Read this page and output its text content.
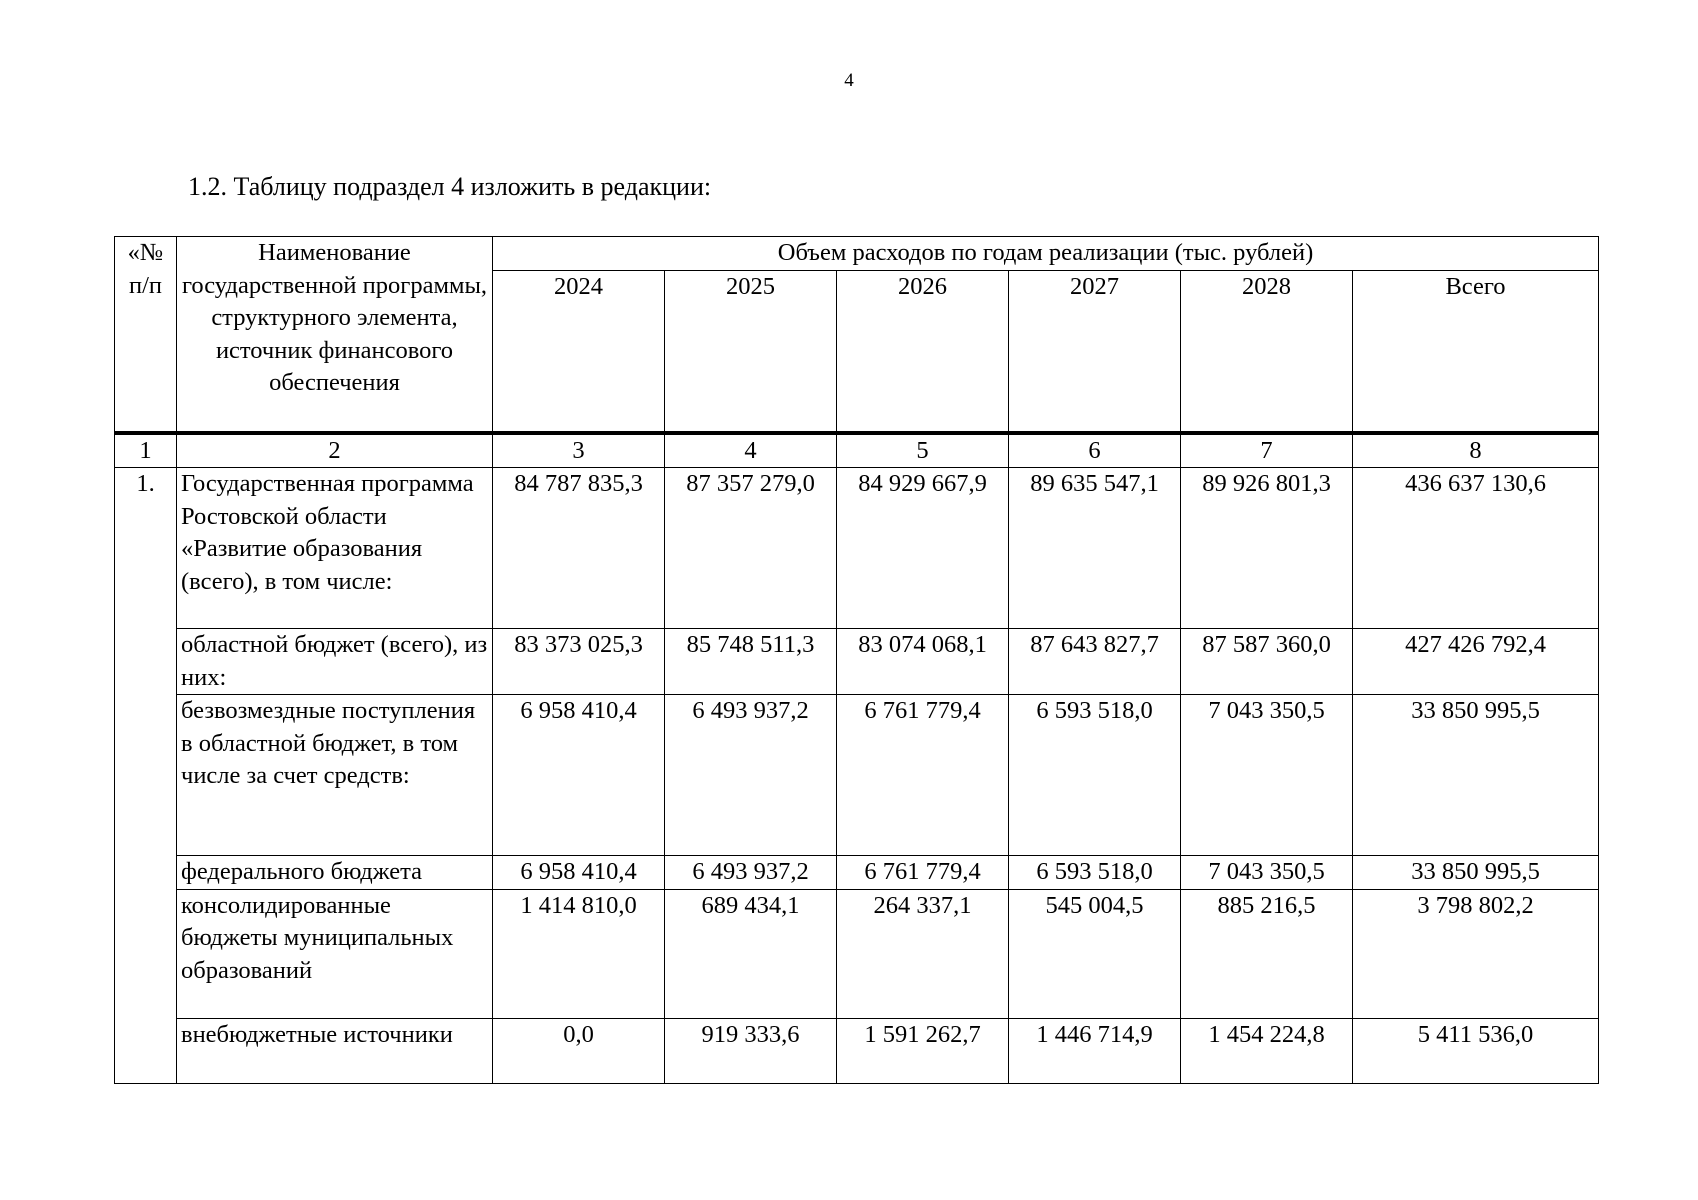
4
1.2. Таблицу подраздел 4 изложить в редакции:
«№ п/п	Наименование государственной программы, структурного элемента, источник финансового обеспечения	Объем расходов по годам реализации (тыс. рублей)					
		2024	2025	2026	2027	2028	Всего
1	2	3	4	5	6	7	8
1.	Государственная программа Ростовской области «Развитие образования (всего), в том числе:	84 787 835,3	87 357 279,0	84 929 667,9	89 635 547,1	89 926 801,3	436 637 130,6
	областной бюджет (всего), из них:	83 373 025,3	85 748 511,3	83 074 068,1	87 643 827,7	87 587 360,0	427 426 792,4
	безвозмездные поступления в областной бюджет, в том числе за счет средств:	6 958 410,4	6 493 937,2	6 761 779,4	6 593 518,0	7 043 350,5	33 850 995,5
	федерального бюджета	6 958 410,4	6 493 937,2	6 761 779,4	6 593 518,0	7 043 350,5	33 850 995,5
	консолидированные бюджеты муниципальных образований	1 414 810,0	689 434,1	264 337,1	545 004,5	885 216,5	3 798 802,2
	внебюджетные источники	0,0	919 333,6	1 591 262,7	1 446 714,9	1 454 224,8	5 411 536,0
